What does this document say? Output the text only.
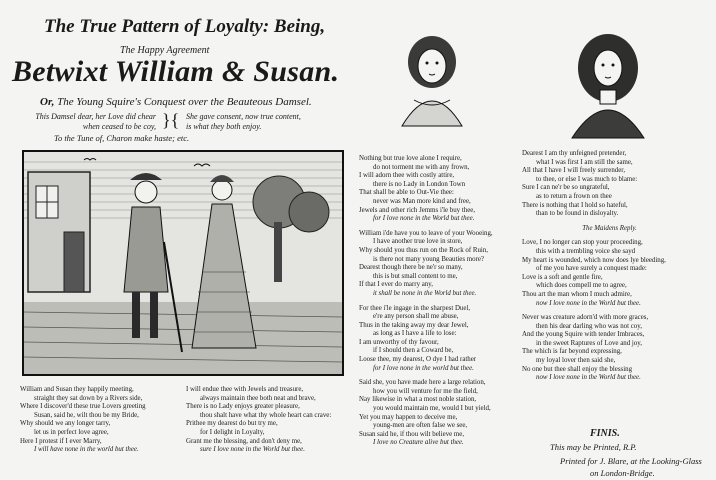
The True Pattern of Loyalty: Being,
The Happy Agreement
Betwixt William & Susan.
Or, The Young Squire's Conquest over the Beauteous Damsel.
This Damsel dear, her Love did chear
when ceased to be coy, }{ She gave consent, now true content,
is what they both enjoy.
To the Tune of, Charon make haste; etc.
William and Susan they happily meeting,
straight they sat down by a Rivers side,
Where I discover'd these true Lovers greeting
Susan, said he, wilt thou be my Bride,
Why should we any longer tarry,
let us in perfect love agree,
Here I protest if I ever Marry,
I will have none in the world but thee.
I will endue thee with Jewels and treasure,
always maintain thee both neat and brave,
There is no Lady enjoys greater pleasure,
thou shalt have what thy whole heart can crave:
Prithee my dearest do but try me,
for I delight in Loyalty,
Grant me the blessing, and don't deny me,
sure I love none in the World but thee.
Nothing but true love alone I require,
do not torment me with any frown,
I will adorn thee with costly attire,
there is no Lady in London Town
That shall be able to Out-Vie thee:
never was Man more kind and free,
Jewels and other rich Jemms i'le buy thee,
for I love none in the World but thee.
William i'de have you to leave of your Wooeing,
I have another true love in store,
Why should you thus run on the Rock of Ruin,
is there not many young Beauties more?
Dearest though there be ne'r so many,
this is but small content to me,
If that I ever do marry any,
it shall be none in the World but thee.
For thee i'le ingage in the sharpest Duel,
e're any person shall me abuse,
Thus in the taking away my dear Jewel,
as long as I have a life to lose:
I am unworthy of thy favour,
if I should then a Coward be,
Loose thee, my dearest, O dye I had rather
for I love none in the world but thee.
Said she, you have made here a large relation,
how you will venture for me the field,
Nay likewise in what a most noble station,
you would maintain me, would I but yield,
Yet you may happen to deceive me,
young-men are often false we see,
Susan said he, if thou wilt believe me,
I love no Creature alive but thee.
Dearest I am thy unfeigned pretender,
what I was first I am still the same,
All that I have I will freely surrender,
to thee, or else I was much to blame:
Sure I can ne'r be so ungrateful,
as to return a frown on thee
There is nothing that I hold so hateful,
than to be found in disloyalty.
The Maidens Reply.
Love, I no longer can stop your proceeding,
this with a trembling voice she sayd
My heart is wounded, which now does lye bleeding,
of me you have surely a conquest made:
Love is a soft and gentle fire,
which does compell me to agree,
Thou art the man whom I much admire,
now I love none in the World but thee.
Never was creature adorn'd with more graces,
then his dear darling who was not coy,
And the young Squire with tender Imbraces,
in the sweet Raptures of Love and joy,
The which is far beyond expressing,
my loyal lover then said she,
No one but thee shall enjoy the blessing
now I love none in the World but thee.
FINIS.
This may be Printed, R.P.
Printed for J. Blare, at the Looking-Glass
on London-Bridge.
